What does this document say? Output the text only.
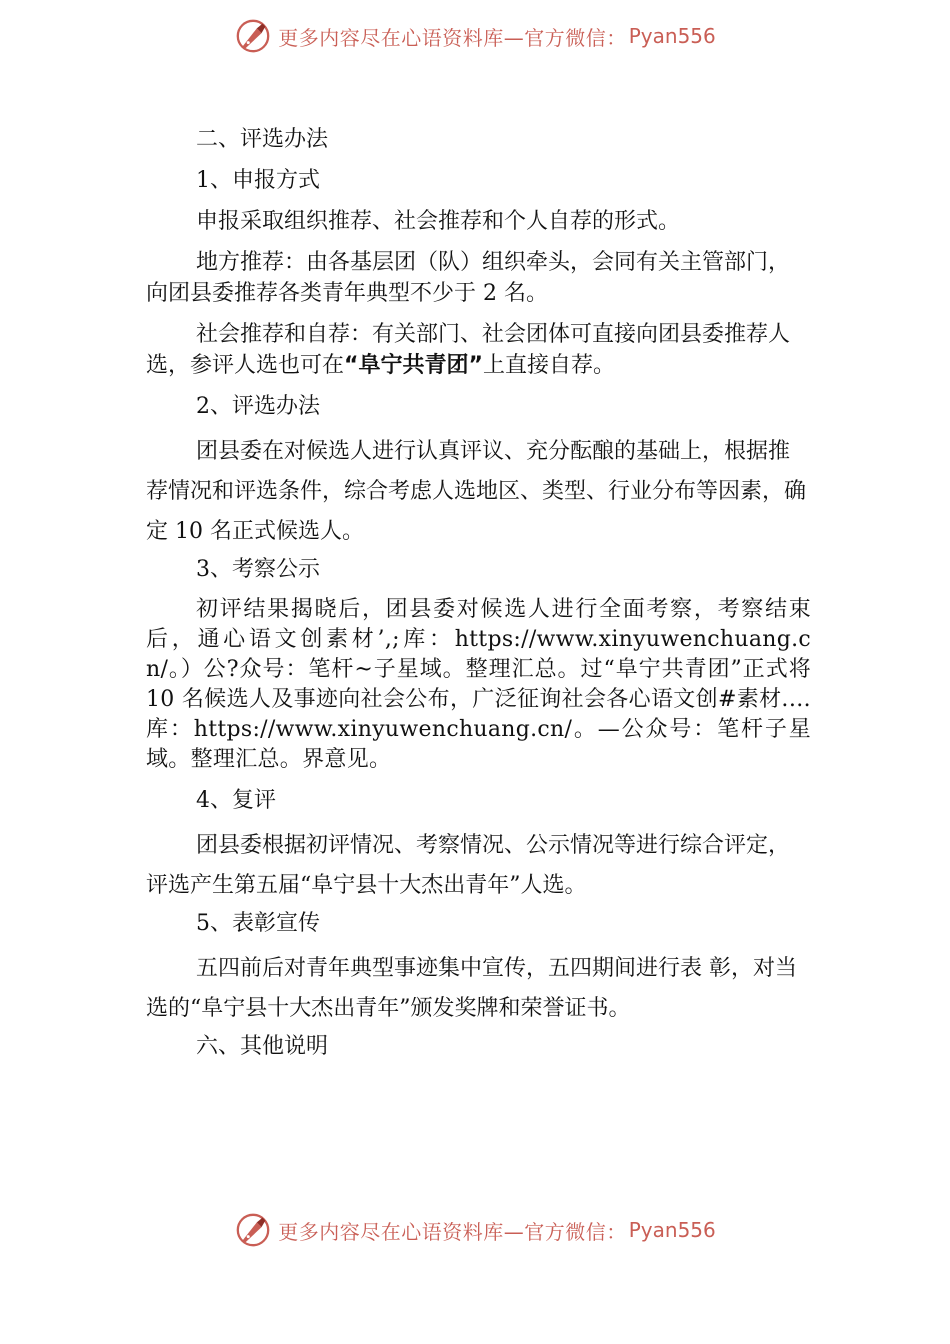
更多内容尽在心语资料库—官方微信： Pyan556

二、评选办法

1、申报方式

申报采取组织推荐、社会推荐和个人自荐的形式。

地方推荐：由各基层团（队）组织牵头，会同有关主管部门，向团县委推荐各类青年典型不少于 2 名。

社会推荐和自荐：有关部门、社会团体可直接向团县委推荐人选，参评人选也可在“阜宁共青团”上直接自荐。

2、评选办法

团县委在对候选人进行认真评议、充分酝酿的基础上，根据推荐情况和评选条件，综合考虑人选地区、类型、行业分布等因素，确定 10 名正式候选人。

3、考察公示

初评结果揭晓后，团县委对候选人进行全面考察，考察结束后，通心语文创素材’,;库：https://www.xinyuwenchuang.cn/。）公?众号：笔杆~子星域。整理汇总。过“阜宁共青团”正式将 10 名候选人及事迹向社会公布，广泛征询社会各心语文创#素材.…库：https://www.xinyuwenchuang.cn/。—公众号：笔杆子星域。整理汇总。界意见。

4、复评

团县委根据初评情况、考察情况、公示情况等进行综合评定，评选产生第五届“阜宁县十大杰出青年”人选。

5、表彰宣传

五四前后对青年典型事迹集中宣传，五四期间进行表 彰，对当选的“阜宁县十大杰出青年”颁发奖牌和荣誉证书。

六、其他说明

更多内容尽在心语资料库—官方微信： Pyan556
